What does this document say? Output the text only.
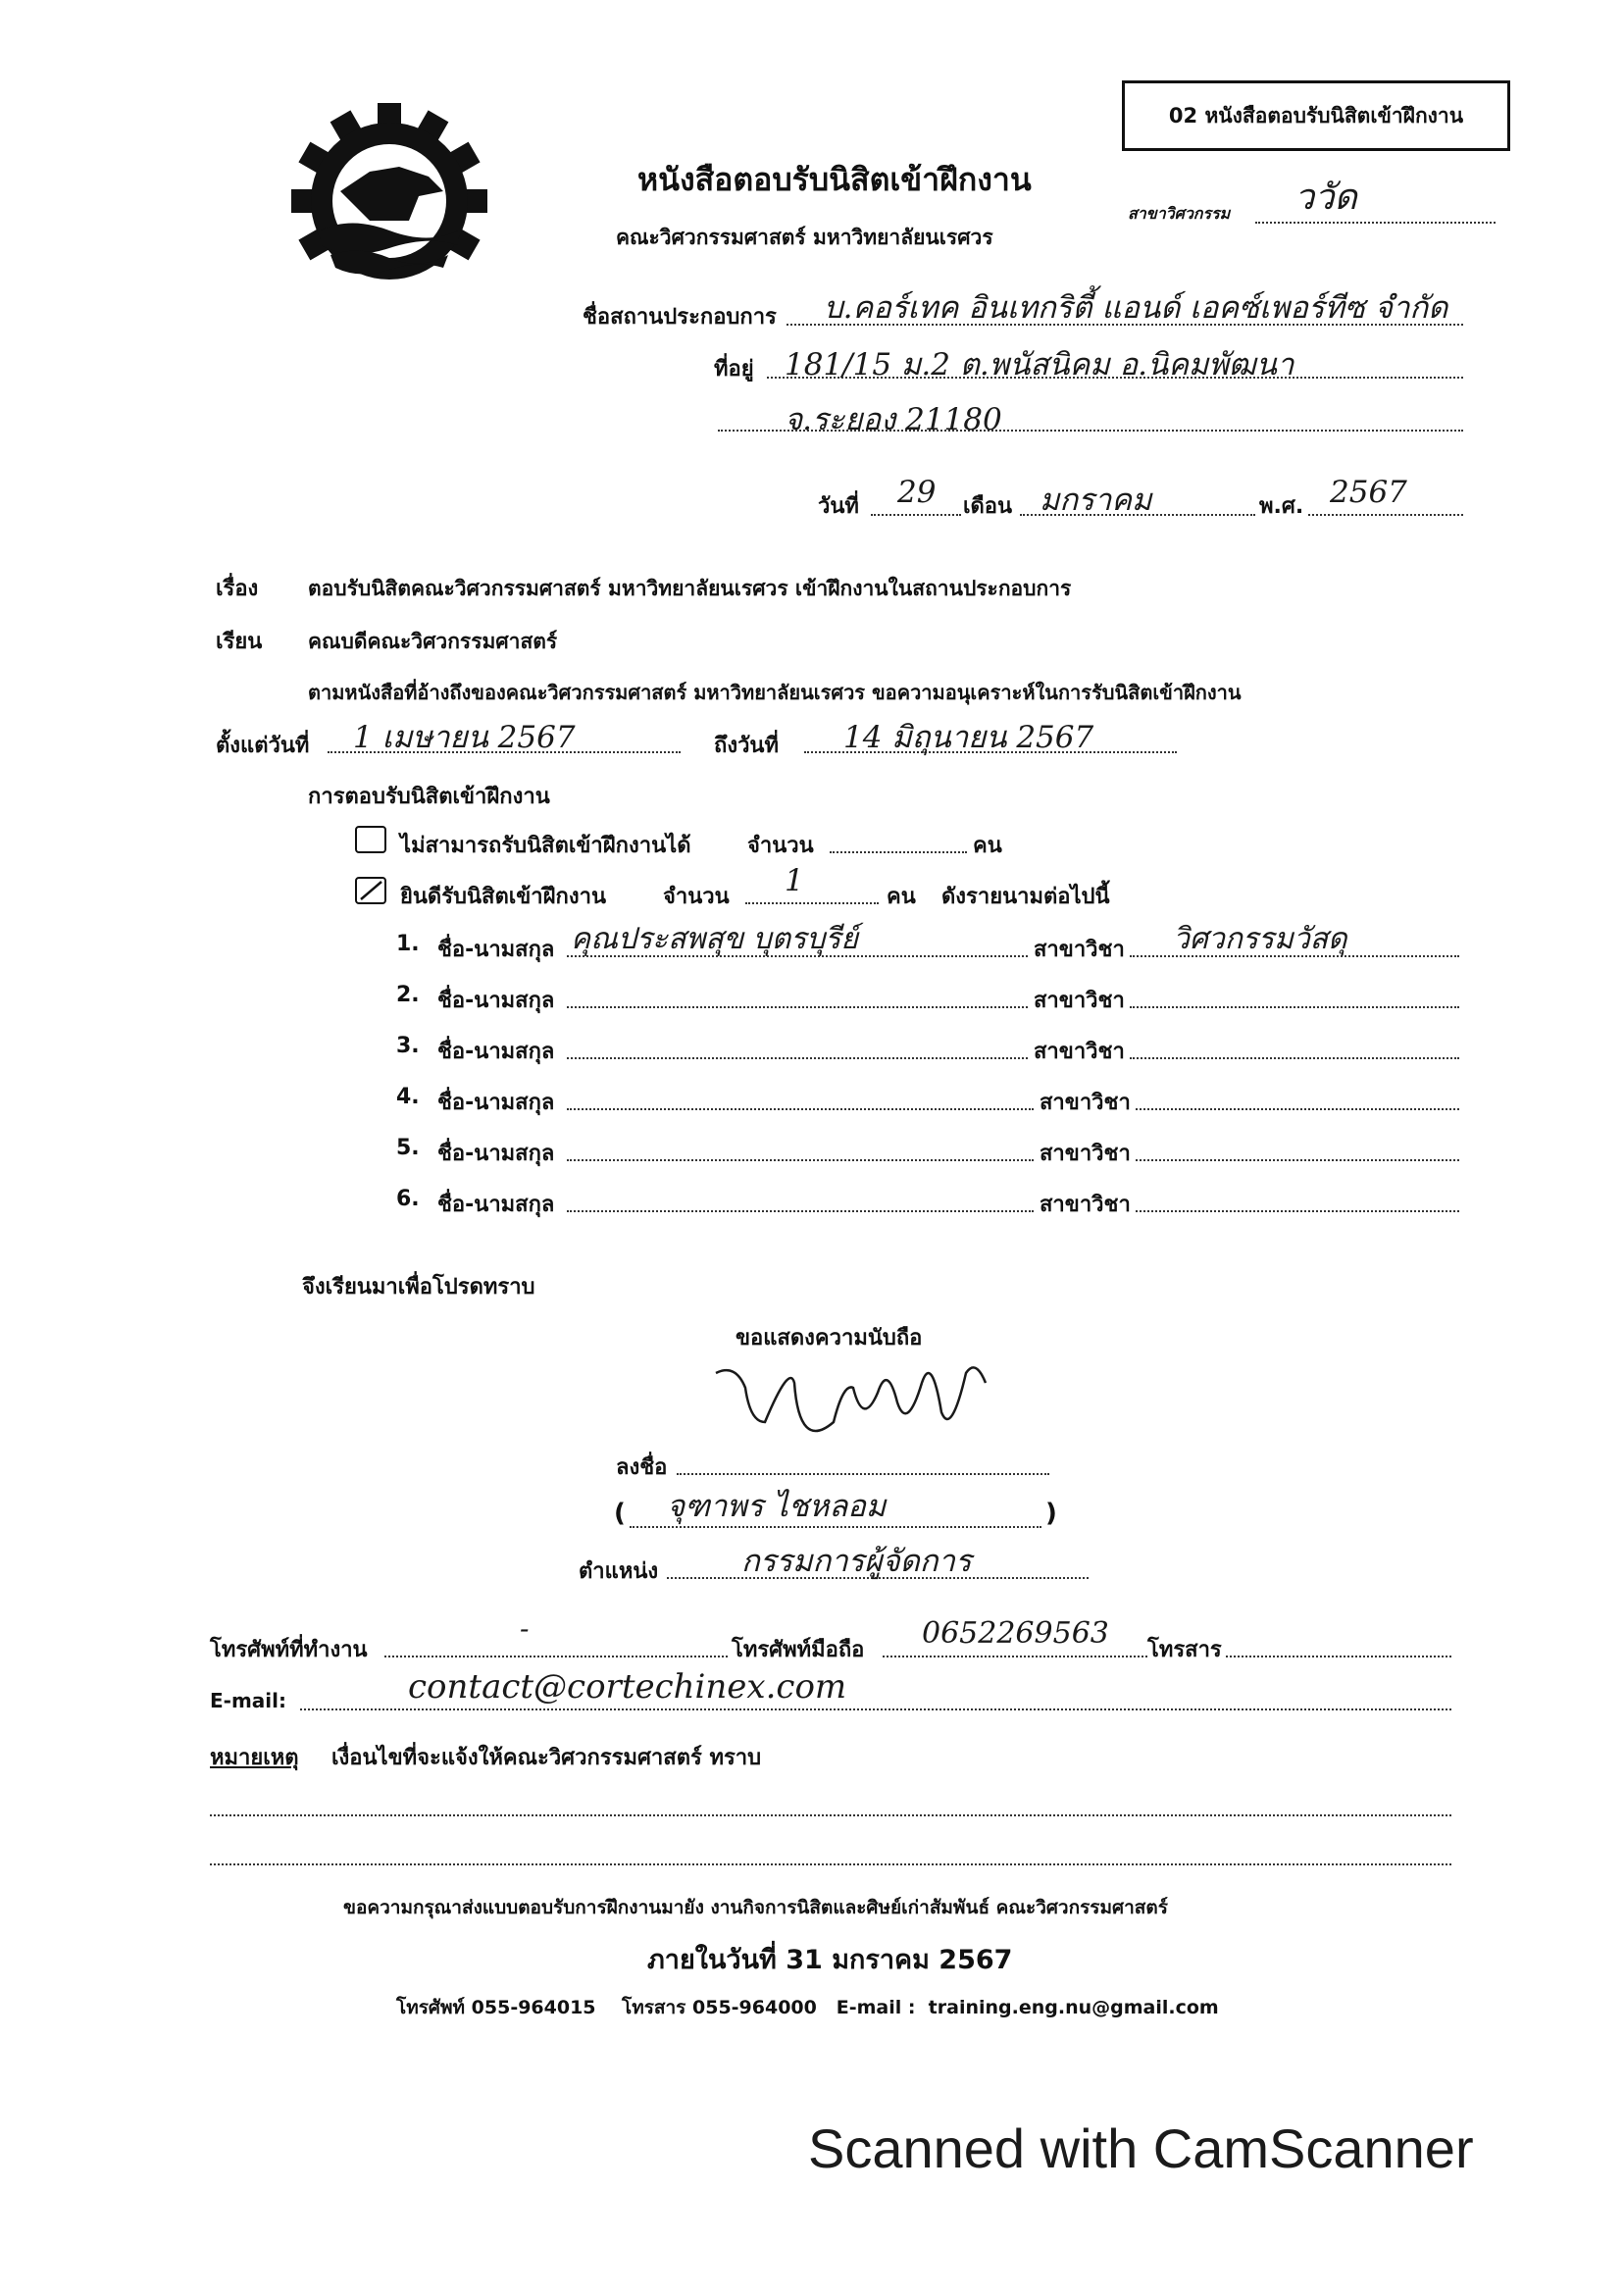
02 หนังสือตอบรับนิสิตเข้าฝึกงาน
หนังสือตอบรับนิสิตเข้าฝึกงาน
คณะวิศวกรรมศาสตร์ มหาวิทยาลัยนเรศวร
สาขาวิศวกรรม ววัด
ชื่อสถานประกอบการ บ.คอร์เทค อินเทกริตี้ แอนด์ เอคซ์เพอร์ทีซ จำกัด
ที่อยู่ 181/15 ม.2 ต.พนัสนิคม อ.นิคมพัฒนา
จ.ระยอง 21180
วันที่ 29 เดือน มกราคม	พ.ศ. 2567
เรื่อง ตอบรับนิสิตคณะวิศวกรรมศาสตร์ มหาวิทยาลัยนเรศวร เข้าฝึกงานในสถานประกอบการ
เรียน คณบดีคณะวิศวกรรมศาสตร์
ตามหนังสือที่อ้างถึงของคณะวิศวกรรมศาสตร์ มหาวิทยาลัยนเรศวร ขอความอนุเคราะห์ในการรับนิสิตเข้าฝึกงาน
ตั้งแต่วันที่ 1 เมษายน 2567	ถึงวันที่ 14 มิถุนายน 2567
การตอบรับนิสิตเข้าฝึกงาน
ไม่สามารถรับนิสิตเข้าฝึกงานได้	จำนวน	คน
ยินดีรับนิสิตเข้าฝึกงาน	จำนวน 1	คน ดังรายนามต่อไปนี้
1. ชื่อ-นามสกุล คุณประสพสุข บุตรบุรีย์	สาขาวิชา วิศวกรรมวัสดุ
2. ชื่อ-นามสกุล	สาขาวิชา
3. ชื่อ-นามสกุล	สาขาวิชา
4. ชื่อ-นามสกุล	สาขาวิชา
5. ชื่อ-นามสกุล	สาขาวิชา
6. ชื่อ-นามสกุล	สาขาวิชา
จึงเรียนมาเพื่อโปรดทราบ
ขอแสดงความนับถือ
ลงชื่อ
( จุฑาพร ไชหลอม	)
ตำแหน่ง	กรรมการผู้จัดการ
โทรศัพท์ที่ทำงาน
-
โทรศัพท์มือถือ 0652269563 โทรสาร
E-mail:	contact@cortechinex.com
หมายเหตุ เงื่อนไขที่จะแจ้งให้คณะวิศวกรรมศาสตร์ ทราบ
ขอความกรุณาส่งแบบตอบรับการฝึกงานมายัง งานกิจการนิสิตและศิษย์เก่าสัมพันธ์ คณะวิศวกรรมศาสตร์
ภายในวันที่ 31 มกราคม 2567
โทรศัพท์ 055-964015    โทรสาร 055-964000   E-mail :  training.eng.nu@gmail.com
Scanned with CamScanner
